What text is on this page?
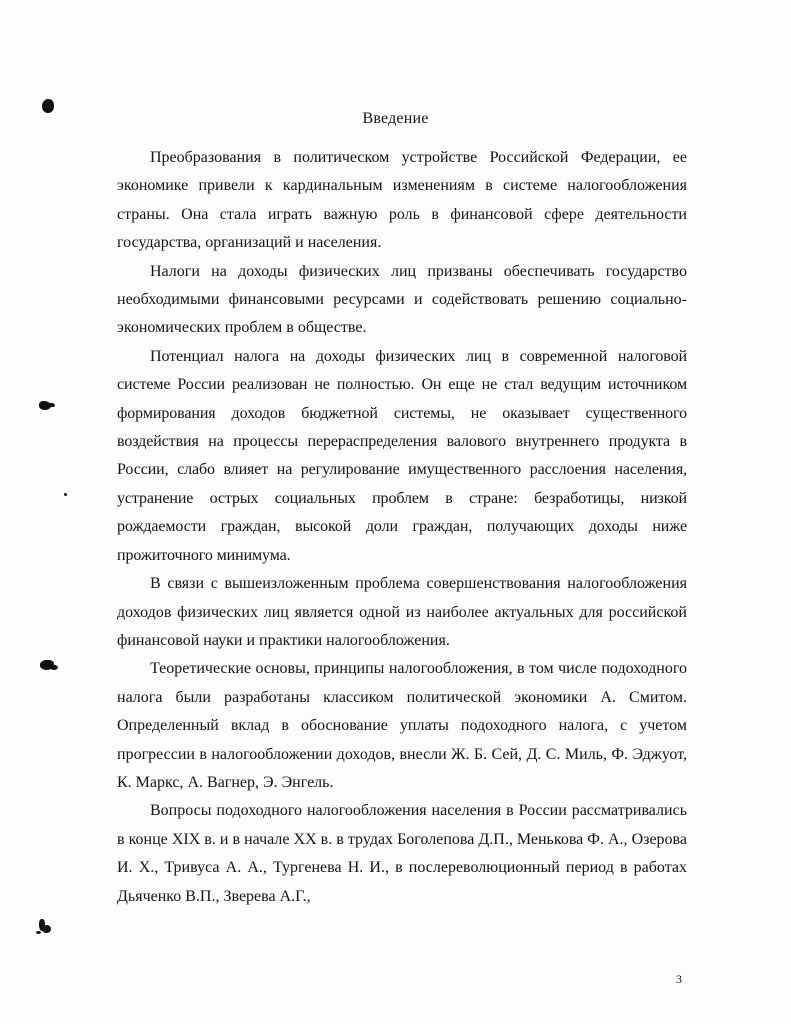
Введение

Преобразования в политическом устройстве Российской Федерации, ее экономике привели к кардинальным изменениям в системе налогообложения страны. Она стала играть важную роль в финансовой сфере деятельности государства, организаций и населения.

Налоги на доходы физических лиц призваны обеспечивать государство необходимыми финансовыми ресурсами и содействовать решению социально- экономических проблем в обществе.

Потенциал налога на доходы физических лиц в современной налоговой системе России реализован не полностью. Он еще не стал ведущим источником формирования доходов бюджетной системы, не оказывает существенного воздействия на процессы перераспределения валового внутреннего продукта в России, слабо влияет на регулирование имущественного расслоения населения, устранение острых социальных проблем в стране: безработицы, низкой рождаемости граждан, высокой доли граждан, получающих доходы ниже прожиточного минимума.

В связи с вышеизложенным проблема совершенствования налогообложения доходов физических лиц является одной из наиболее актуальных для российской финансовой науки и практики налогообложения.

Теоретические основы, принципы налогообложения, в том числе подоходного налога были разработаны классиком политической экономики А. Смитом. Определенный вклад в обоснование уплаты подоходного налога, с учетом прогрессии в налогообложении доходов, внесли Ж. Б. Сей, Д. С. Миль, Ф. Эджуот, К. Маркс, А. Вагнер, Э. Энгель.

Вопросы подоходного налогообложения населения в России рассматривались в конце XIX в. и в начале XX в. в трудах Боголепова Д.П., Менькова Ф. А., Озерова И. Х., Тривуса А. А., Тургенева Н. И., в послереволюционный период в работах Дьяченко В.П., Зверева А.Г.,

3
